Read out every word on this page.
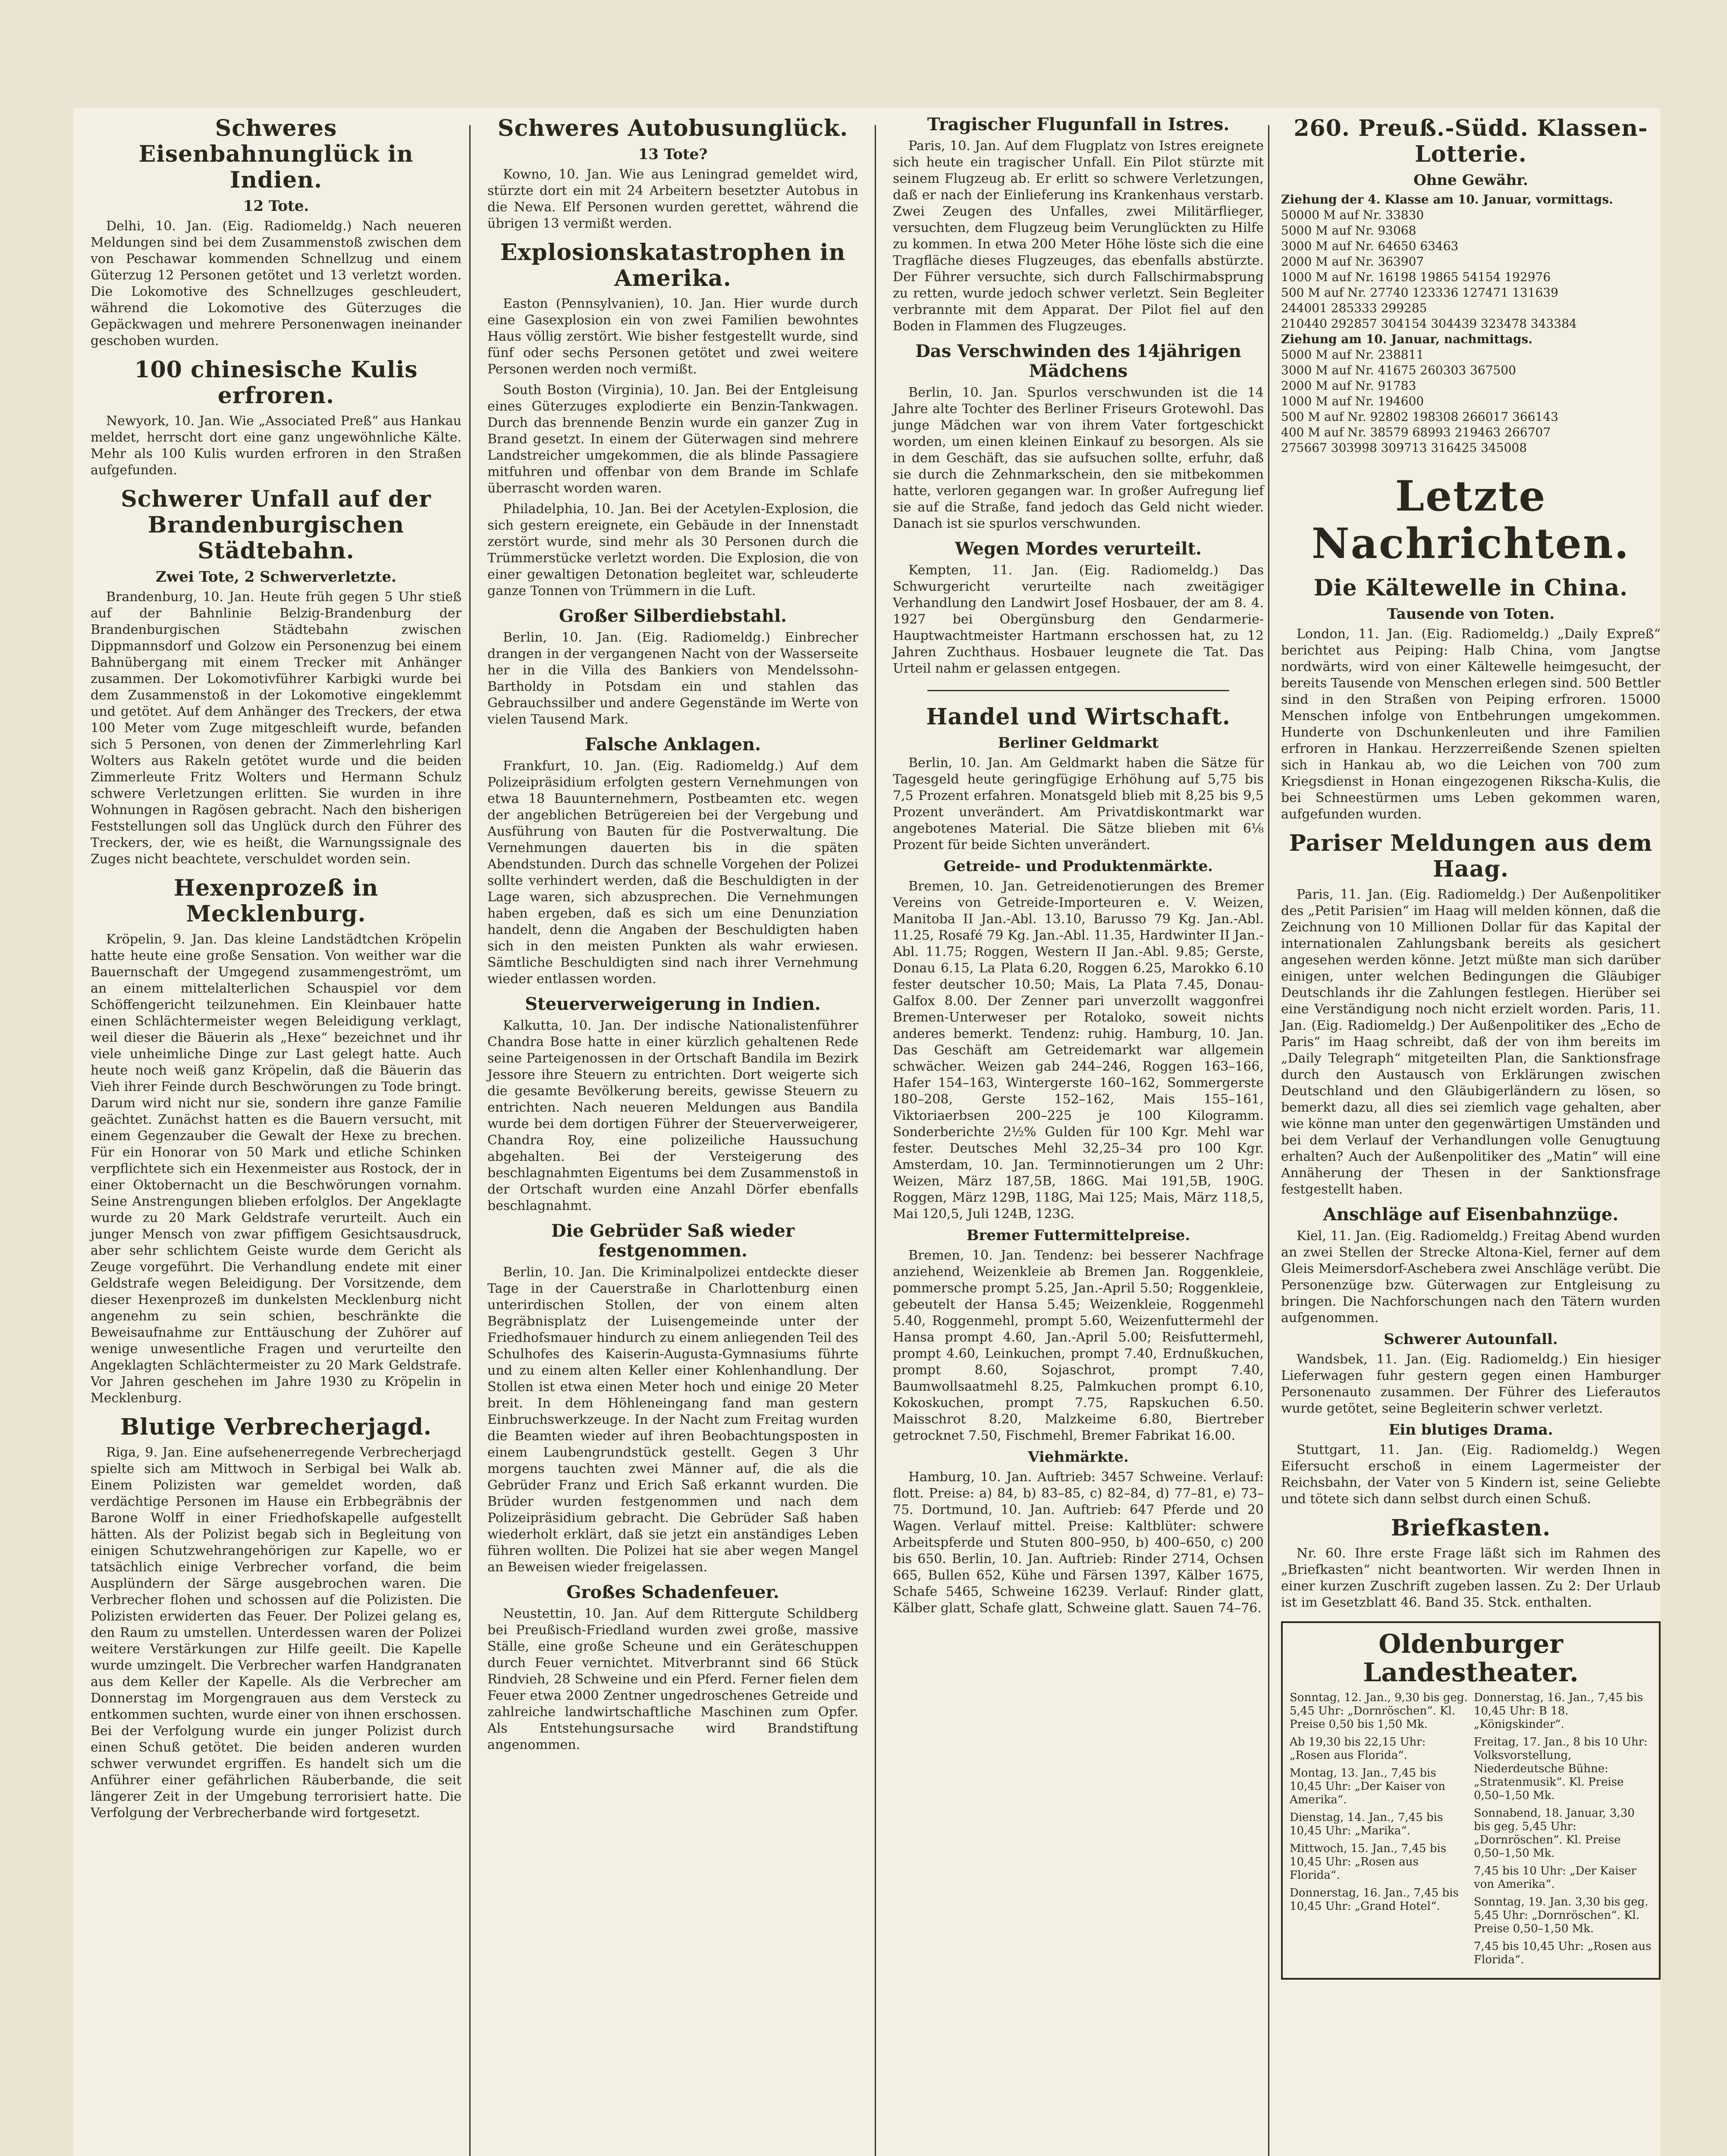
Schweres Eisenbahnunglück in Indien.
12 Tote.

Delhi, 10. Jan. (Eig. Radiomeldg.) Nach neueren Meldungen sind bei dem Zusammenstoß zwischen dem von Peschawar kommenden Schnellzug und einem Güterzug 12 Personen getötet und 13 verletzt worden. Die Lokomotive des Schnellzuges geschleudert, während die Lokomotive des Güterzuges die Gepäckwagen und mehrere Personenwagen ineinander geschoben wurden.

100 chinesische Kulis erfroren.

Newyork, 10. Jan. Wie „Associated Preß“ aus Hankau meldet, herrscht dort eine ganz ungewöhnliche Kälte. Mehr als 100 Kulis wurden erfroren in den Straßen aufgefunden.

Schwerer Unfall auf der Brandenburgischen Städtebahn.
Zwei Tote, 2 Schwerverletzte.

Brandenburg, 10. Jan. Heute früh gegen 5 Uhr stieß auf der Bahnlinie Belzig-Brandenburg der Brandenburgischen Städtebahn zwischen Dippmannsdorf und Golzow ein Personenzug bei einem Bahnübergang mit einem Trecker mit Anhänger zusammen. Der Lokomotivführer Karbigki wurde bei dem Zusammenstoß in der Lokomotive eingeklemmt und getötet. Auf dem Anhänger des Treckers, der etwa 100 Meter vom Zuge mitgeschleift wurde, befanden sich 5 Personen, von denen der Zimmerlehrling Karl Wolters aus Rakeln getötet wurde und die beiden Zimmerleute Fritz Wolters und Hermann Schulz schwere Verletzungen erlitten. Sie wurden in ihre Wohnungen in Ragösen gebracht. Nach den bisherigen Feststellungen soll das Unglück durch den Führer des Treckers, der, wie es heißt, die Warnungssignale des Zuges nicht beachtete, verschuldet worden sein.

Hexenprozeß in Mecklenburg.

Kröpelin, 9. Jan. Das kleine Landstädtchen Kröpelin hatte heute eine große Sensation. Von weither war die Bauernschaft der Umgegend zusammengeströmt, um an einem mittelalterlichen Schauspiel vor dem Schöffengericht teilzunehmen. Ein Kleinbauer hatte einen Schlächtermeister wegen Beleidigung verklagt, weil dieser die Bäuerin als „Hexe“ bezeichnet und ihr viele unheimliche Dinge zur Last gelegt hatte. Auch heute noch weiß ganz Kröpelin, daß die Bäuerin das Vieh ihrer Feinde durch Beschwörungen zu Tode bringt. Darum wird nicht nur sie, sondern ihre ganze Familie geächtet. Zunächst hatten es die Bauern versucht, mit einem Gegenzauber die Gewalt der Hexe zu brechen. Für ein Honorar von 50 Mark und etliche Schinken verpflichtete sich ein Hexenmeister aus Rostock, der in einer Oktobernacht un die Beschwörungen vornahm. Seine Anstrengungen blieben erfolglos. Der Angeklagte wurde zu 20 Mark Geldstrafe verurteilt. Auch ein junger Mensch von zwar pfiffigem Gesichtsausdruck, aber sehr schlichtem Geiste wurde dem Gericht als Zeuge vorgeführt. Die Verhandlung endete mit einer Geldstrafe wegen Beleidigung. Der Vorsitzende, dem dieser Hexenprozeß im dunkelsten Mecklenburg nicht angenehm zu sein schien, beschränkte die Beweisaufnahme zur Enttäuschung der Zuhörer auf wenige unwesentliche Fragen und verurteilte den Angeklagten Schlächtermeister zu 20 Mark Geldstrafe. Vor Jahren geschehen im Jahre 1930 zu Kröpelin in Mecklenburg.

Blutige Verbrecherjagd.

Riga, 9. Jan. Eine aufsehenerregende Verbrecherjagd spielte sich am Mittwoch in Serbigal bei Walk ab. Einem Polizisten war gemeldet worden, daß verdächtige Personen im Hause ein Erbbegräbnis der Barone Wolff in einer Friedhofskapelle aufgestellt hätten. Als der Polizist begab sich in Begleitung von einigen Schutzwehrangehörigen zur Kapelle, wo er tatsächlich einige Verbrecher vorfand, die beim Ausplündern der Särge ausgebrochen waren. Die Verbrecher flohen und schossen auf die Polizisten. Die Polizisten erwiderten das Feuer. Der Polizei gelang es, den Raum zu umstellen. Unterdessen waren der Polizei weitere Verstärkungen zur Hilfe geeilt. Die Kapelle wurde umzingelt. Die Verbrecher warfen Handgranaten aus dem Keller der Kapelle. Als die Verbrecher am Donnerstag im Morgengrauen aus dem Versteck zu entkommen suchten, wurde einer von ihnen erschossen. Bei der Verfolgung wurde ein junger Polizist durch einen Schuß getötet. Die beiden anderen wurden schwer verwundet ergriffen. Es handelt sich um die Anführer einer gefährlichen Räuberbande, die seit längerer Zeit in der Umgebung terrorisiert hatte. Die Verfolgung der Verbrecherbande wird fortgesetzt.

Schweres Autobusunglück.
13 Tote?

Kowno, 10. Jan. Wie aus Leningrad gemeldet wird, stürzte dort ein mit 24 Arbeitern besetzter Autobus in die Newa. Elf Personen wurden gerettet, während die übrigen 13 vermißt werden.

Explosionskatastrophen in Amerika.

Easton (Pennsylvanien), 10. Jan. Hier wurde durch eine Gasexplosion ein von zwei Familien bewohntes Haus völlig zerstört. Wie bisher festgestellt wurde, sind fünf oder sechs Personen getötet und zwei weitere Personen werden noch vermißt.

South Boston (Virginia), 10. Jan. Bei der Entgleisung eines Güterzuges explodierte ein Benzin-Tankwagen. Durch das brennende Benzin wurde ein ganzer Zug in Brand gesetzt. In einem der Güterwagen sind mehrere Landstreicher umgekommen, die als blinde Passagiere mitfuhren und offenbar von dem Brande im Schlafe überrascht worden waren.

Philadelphia, 10. Jan. Bei der Acetylen-Explosion, die sich gestern ereignete, ein Gebäude in der Innenstadt zerstört wurde, sind mehr als 30 Personen durch die Trümmerstücke verletzt worden. Die Explosion, die von einer gewaltigen Detonation begleitet war, schleuderte ganze Tonnen von Trümmern in die Luft.

Großer Silberdiebstahl.

Berlin, 10. Jan. (Eig. Radiomeldg.) Einbrecher drangen in der vergangenen Nacht von der Wasserseite her in die Villa des Bankiers von Mendelssohn-Bartholdy in Potsdam ein und stahlen das Gebrauchssilber und andere Gegenstände im Werte von vielen Tausend Mark.

Falsche Anklagen.

Frankfurt, 10. Jan. (Eig. Radiomeldg.) Auf dem Polizeipräsidium erfolgten gestern Vernehmungen von etwa 18 Bauunternehmern, Postbeamten etc. wegen der angeblichen Betrügereien bei der Vergebung und Ausführung von Bauten für die Postverwaltung. Die Vernehmungen dauerten bis in die späten Abendstunden. Durch das schnelle Vorgehen der Polizei sollte verhindert werden, daß die Beschuldigten in der Lage waren, sich abzusprechen. Die Vernehmungen haben ergeben, daß es sich um eine Denunziation handelt, denn die Angaben der Beschuldigten haben sich in den meisten Punkten als wahr erwiesen. Sämtliche Beschuldigten sind nach ihrer Vernehmung wieder entlassen worden.

Steuerverweigerung in Indien.

Kalkutta, 10. Jan. Der indische Nationalistenführer Chandra Bose hatte in einer kürzlich gehaltenen Rede seine Parteigenossen in der Ortschaft Bandila im Bezirk Jessore ihre Steuern zu entrichten. Dort weigerte sich die gesamte Bevölkerung bereits, gewisse Steuern zu entrichten. Nach neueren Meldungen aus Bandila wurde bei dem dortigen Führer der Steuerverweigerer, Chandra Roy, eine polizeiliche Haussuchung abgehalten. Bei der Versteigerung des beschlagnahmten Eigentums bei dem Zusammenstoß in der Ortschaft wurden eine Anzahl Dörfer ebenfalls beschlagnahmt.

Die Gebrüder Saß wieder festgenommen.

Berlin, 10. Jan. Die Kriminalpolizei entdeckte dieser Tage in der Cauerstraße in Charlottenburg einen unterirdischen Stollen, der von einem alten Begräbnisplatz der Luisengemeinde unter der Friedhofsmauer hindurch zu einem anliegenden Teil des Schulhofes des Kaiserin-Augusta-Gymnasiums führte und zu einem alten Keller einer Kohlenhandlung. Der Stollen ist etwa einen Meter hoch und einige 20 Meter breit. In dem Höhleneingang fand man gestern Einbruchswerkzeuge. In der Nacht zum Freitag wurden die Beamten wieder auf ihren Beobachtungsposten in einem Laubengrundstück gestellt. Gegen 3 Uhr morgens tauchten zwei Männer auf, die als die Gebrüder Franz und Erich Saß erkannt wurden. Die Brüder wurden festgenommen und nach dem Polizeipräsidium gebracht. Die Gebrüder Saß haben wiederholt erklärt, daß sie jetzt ein anständiges Leben führen wollten. Die Polizei hat sie aber wegen Mangel an Beweisen wieder freigelassen.

Großes Schadenfeuer.

Neustettin, 10. Jan. Auf dem Rittergute Schildberg bei Preußisch-Friedland wurden zwei große, massive Ställe, eine große Scheune und ein Geräteschuppen durch Feuer vernichtet. Mitverbrannt sind 66 Stück Rindvieh, 28 Schweine und ein Pferd. Ferner fielen dem Feuer etwa 2000 Zentner ungedroschenes Getreide und zahlreiche landwirtschaftliche Maschinen zum Opfer. Als Entstehungsursache wird Brandstiftung angenommen.

Tragischer Flugunfall in Istres.

Paris, 10. Jan. Auf dem Flugplatz von Istres ereignete sich heute ein tragischer Unfall. Ein Pilot stürzte mit seinem Flugzeug ab. Er erlitt so schwere Verletzungen, daß er nach der Einlieferung ins Krankenhaus verstarb. Zwei Zeugen des Unfalles, zwei Militärflieger, versuchten, dem Flugzeug beim Verunglückten zu Hilfe zu kommen. In etwa 200 Meter Höhe löste sich die eine Tragfläche dieses Flugzeuges, das ebenfalls abstürzte. Der Führer versuchte, sich durch Fallschirmabsprung zu retten, wurde jedoch schwer verletzt. Sein Begleiter verbrannte mit dem Apparat. Der Pilot fiel auf den Boden in Flammen des Flugzeuges.

Das Verschwinden des 14jährigen Mädchens

Berlin, 10. Jan. Spurlos verschwunden ist die 14 Jahre alte Tochter des Berliner Friseurs Grotewohl. Das junge Mädchen war von ihrem Vater fortgeschickt worden, um einen kleinen Einkauf zu besorgen. Als sie in dem Geschäft, das sie aufsuchen sollte, erfuhr, daß sie durch die Zehnmarkschein, den sie mitbekommen hatte, verloren gegangen war. In großer Aufregung lief sie auf die Straße, fand jedoch das Geld nicht wieder. Danach ist sie spurlos verschwunden.

Wegen Mordes verurteilt.

Kempten, 11. Jan. (Eig. Radiomeldg.) Das Schwurgericht verurteilte nach zweitägiger Verhandlung den Landwirt Josef Hosbauer, der am 8. 4. 1927 bei Obergünsburg den Gendarmerie-Hauptwachtmeister Hartmann erschossen hat, zu 12 Jahren Zuchthaus. Hosbauer leugnete die Tat. Das Urteil nahm er gelassen entgegen.

Handel und Wirtschaft.
Berliner Geldmarkt

Berlin, 10. Jan. Am Geldmarkt haben die Sätze für Tagesgeld heute geringfügige Erhöhung auf 5,75 bis 7,5 Prozent erfahren. Monatsgeld blieb mit 8,25 bis 9,5 Prozent unverändert. Am Privatdiskontmarkt war angebotenes Material. Die Sätze blieben mit 6⅛ Prozent für beide Sichten unverändert.

Getreide- und Produktenmärkte.

Bremen, 10. Jan. Getreidenotierungen des Bremer Vereins von Getreide-Importeuren e. V. Weizen, Manitoba II Jan.-Abl. 13.10, Barusso 79 Kg. Jan.-Abl. 11.25, Rosafé 79 Kg. Jan.-Abl. 11.35, Hardwinter II Jan.-Abl. 11.75; Roggen, Western II Jan.-Abl. 9.85; Gerste, Donau 6.15, La Plata 6.20, Roggen 6.25, Marokko 6.10 fester deutscher 10.50; Mais, La Plata 7.45, Donau-Galfox 8.00. Der Zenner pari unverzollt waggonfrei Bremen-Unterweser per Rotaloko, soweit nichts anderes bemerkt. Tendenz: ruhig. Hamburg, 10. Jan. Das Geschäft am Getreidemarkt war allgemein schwächer. Weizen gab 244–246, Roggen 163–166, Hafer 154–163, Wintergerste 160–162, Sommergerste 180–208, Gerste 152–162, Mais 155–161, Viktoriaerbsen 200–225 je 100 Kilogramm. Sonderberichte 2½% Gulden für 100 Kgr. Mehl war fester. Deutsches Mehl 32,25–34 pro 100 Kgr. Amsterdam, 10. Jan. Terminnotierungen um 2 Uhr: Weizen, März 187,5B, 186G. Mai 191,5B, 190G. Roggen, März 129B, 118G, Mai 125; Mais, März 118,5, Mai 120,5, Juli 124B, 123G.

Bremer Futtermittelpreise.

Bremen, 10. Jan. Tendenz: bei besserer Nachfrage anziehend, Weizenkleie ab Bremen Jan. Roggenkleie, pommersche prompt 5.25, Jan.-April 5.50; Roggenkleie, gebeutelt der Hansa 5.45; Weizenkleie, Roggenmehl 5.40, Roggenmehl, prompt 5.60, Weizenfuttermehl der Hansa prompt 4.60, Jan.-April 5.00; Reisfuttermehl, prompt 4.60, Leinkuchen, prompt 7.40, Erdnußkuchen, prompt 8.60, Sojaschrot, prompt 7.40, Baumwollsaatmehl 8.25, Palmkuchen prompt 6.10, Kokoskuchen, prompt 7.75, Rapskuchen 6.50. Maisschrot 8.20, Malzkeime 6.80, Biertreber getrocknet 7.50, Fischmehl, Bremer Fabrikat 16.00.

Viehmärkte.

Hamburg, 10. Jan. Auftrieb: 3457 Schweine. Verlauf: flott. Preise: a) 84, b) 83–85, c) 82–84, d) 77–81, e) 73–75. Dortmund, 10. Jan. Auftrieb: 647 Pferde und 20 Wagen. Verlauf mittel. Preise: Kaltblüter: schwere Arbeitspferde und Stuten 800–950, b) 400–650, c) 200 bis 650. Berlin, 10. Jan. Auftrieb: Rinder 2714, Ochsen 665, Bullen 652, Kühe und Färsen 1397, Kälber 1675, Schafe 5465, Schweine 16239. Verlauf: Rinder glatt, Kälber glatt, Schafe glatt, Schweine glatt. Sauen 74–76.

260. Preuß.-Südd. Klassen-Lotterie.
Ohne Gewähr.

Ziehung der 4. Klasse am 10. Januar, vormittags.

50000 M auf Nr. 33830

5000 M auf Nr. 93068

3000 M auf Nr. 64650 63463

2000 M auf Nr. 363907

1000 M auf Nr. 16198 19865 54154 192976

500 M auf Nr. 27740 123336 127471 131639

244001 285333 299285

210440 292857 304154 304439 323478 343384

Ziehung am 10. Januar, nachmittags.

5000 M auf Nr. 238811

3000 M auf Nr. 41675 260303 367500

2000 M auf Nr. 91783

1000 M auf Nr. 194600

500 M auf Nr. 92802 198308 266017 366143

400 M auf Nr. 38579 68993 219463 266707

275667 303998 309713 316425 345008

Letzte Nachrichten.
Die Kältewelle in China.
Tausende von Toten.

London, 11. Jan. (Eig. Radiomeldg.) „Daily Expreß“ berichtet aus Peiping: Halb China, vom Jangtse nordwärts, wird von einer Kältewelle heimgesucht, der bereits Tausende von Menschen erlegen sind. 500 Bettler sind in den Straßen von Peiping erfroren. 15000 Menschen infolge von Entbehrungen umgekommen. Hunderte von Dschunkenleuten und ihre Familien erfroren in Hankau. Herzzerreißende Szenen spielten sich in Hankau ab, wo die Leichen von 700 zum Kriegsdienst in Honan eingezogenen Rikscha-Kulis, die bei Schneestürmen ums Leben gekommen waren, aufgefunden wurden.

Pariser Meldungen aus dem Haag.

Paris, 11. Jan. (Eig. Radiomeldg.) Der Außenpolitiker des „Petit Parisien“ im Haag will melden können, daß die Zeichnung von 10 Millionen Dollar für das Kapital der internationalen Zahlungsbank bereits als gesichert angesehen werden könne. Jetzt müßte man sich darüber einigen, unter welchen Bedingungen die Gläubiger Deutschlands ihr die Zahlungen festlegen. Hierüber sei eine Verständigung noch nicht erzielt worden. Paris, 11. Jan. (Eig. Radiomeldg.) Der Außenpolitiker des „Echo de Paris“ im Haag schreibt, daß der von ihm bereits im „Daily Telegraph“ mitgeteilten Plan, die Sanktionsfrage durch den Austausch von Erklärungen zwischen Deutschland und den Gläubigerländern zu lösen, so bemerkt dazu, all dies sei ziemlich vage gehalten, aber wie könne man unter den gegenwärtigen Umständen und bei dem Verlauf der Verhandlungen volle Genugtuung erhalten? Auch der Außenpolitiker des „Matin“ will eine Annäherung der Thesen in der Sanktionsfrage festgestellt haben.

Anschläge auf Eisenbahnzüge.

Kiel, 11. Jan. (Eig. Radiomeldg.) Freitag Abend wurden an zwei Stellen der Strecke Altona-Kiel, ferner auf dem Gleis Meimersdorf-Aschebera zwei Anschläge verübt. Die Personenzüge bzw. Güterwagen zur Entgleisung zu bringen. Die Nachforschungen nach den Tätern wurden aufgenommen.

Schwerer Autounfall.

Wandsbek, 11. Jan. (Eig. Radiomeldg.) Ein hiesiger Lieferwagen fuhr gestern gegen einen Hamburger Personenauto zusammen. Der Führer des Lieferautos wurde getötet, seine Begleiterin schwer verletzt.

Ein blutiges Drama.

Stuttgart, 11. Jan. (Eig. Radiomeldg.) Wegen Eifersucht erschoß in einem Lagermeister der Reichsbahn, der Vater von 5 Kindern ist, seine Geliebte und tötete sich dann selbst durch einen Schuß.

Briefkasten.

Nr. 60. Ihre erste Frage läßt sich im Rahmen des „Briefkasten“ nicht beantworten. Wir werden Ihnen in einer kurzen Zuschrift zugeben lassen. Zu 2: Der Urlaub ist im Gesetzblatt 46. Band 35. Stck. enthalten.

Oldenburger Landestheater.

Sonntag, 12. Jan., 9,30 bis geg. 5,45 Uhr: „Dornröschen“. Kl. Preise 0,50 bis 1,50 Mk.

Ab 19,30 bis 22,15 Uhr: „Rosen aus Florida“.

Montag, 13. Jan., 7,45 bis 10,45 Uhr: „Der Kaiser von Amerika“.

Dienstag, 14. Jan., 7,45 bis 10,45 Uhr: „Marika“.

Mittwoch, 15. Jan., 7,45 bis 10,45 Uhr: „Rosen aus Florida“.

Donnerstag, 16. Jan., 7,45 bis 10,45 Uhr: „Grand Hotel“.

Donnerstag, 16. Jan., 7,45 bis 10,45 Uhr: B 18. „Königskinder“.

Freitag, 17. Jan., 8 bis 10 Uhr: Volksvorstellung, Niederdeutsche Bühne: „Stratenmusik“. Kl. Preise 0,50–1,50 Mk.

Sonnabend, 18. Januar, 3,30 bis geg. 5,45 Uhr: „Dornröschen“. Kl. Preise 0,50–1,50 Mk.

7,45 bis 10 Uhr: „Der Kaiser von Amerika“.

Sonntag, 19. Jan. 3,30 bis geg. 5,45 Uhr: „Dornröschen“. Kl. Preise 0,50–1,50 Mk.

7,45 bis 10,45 Uhr: „Rosen aus Florida“.
